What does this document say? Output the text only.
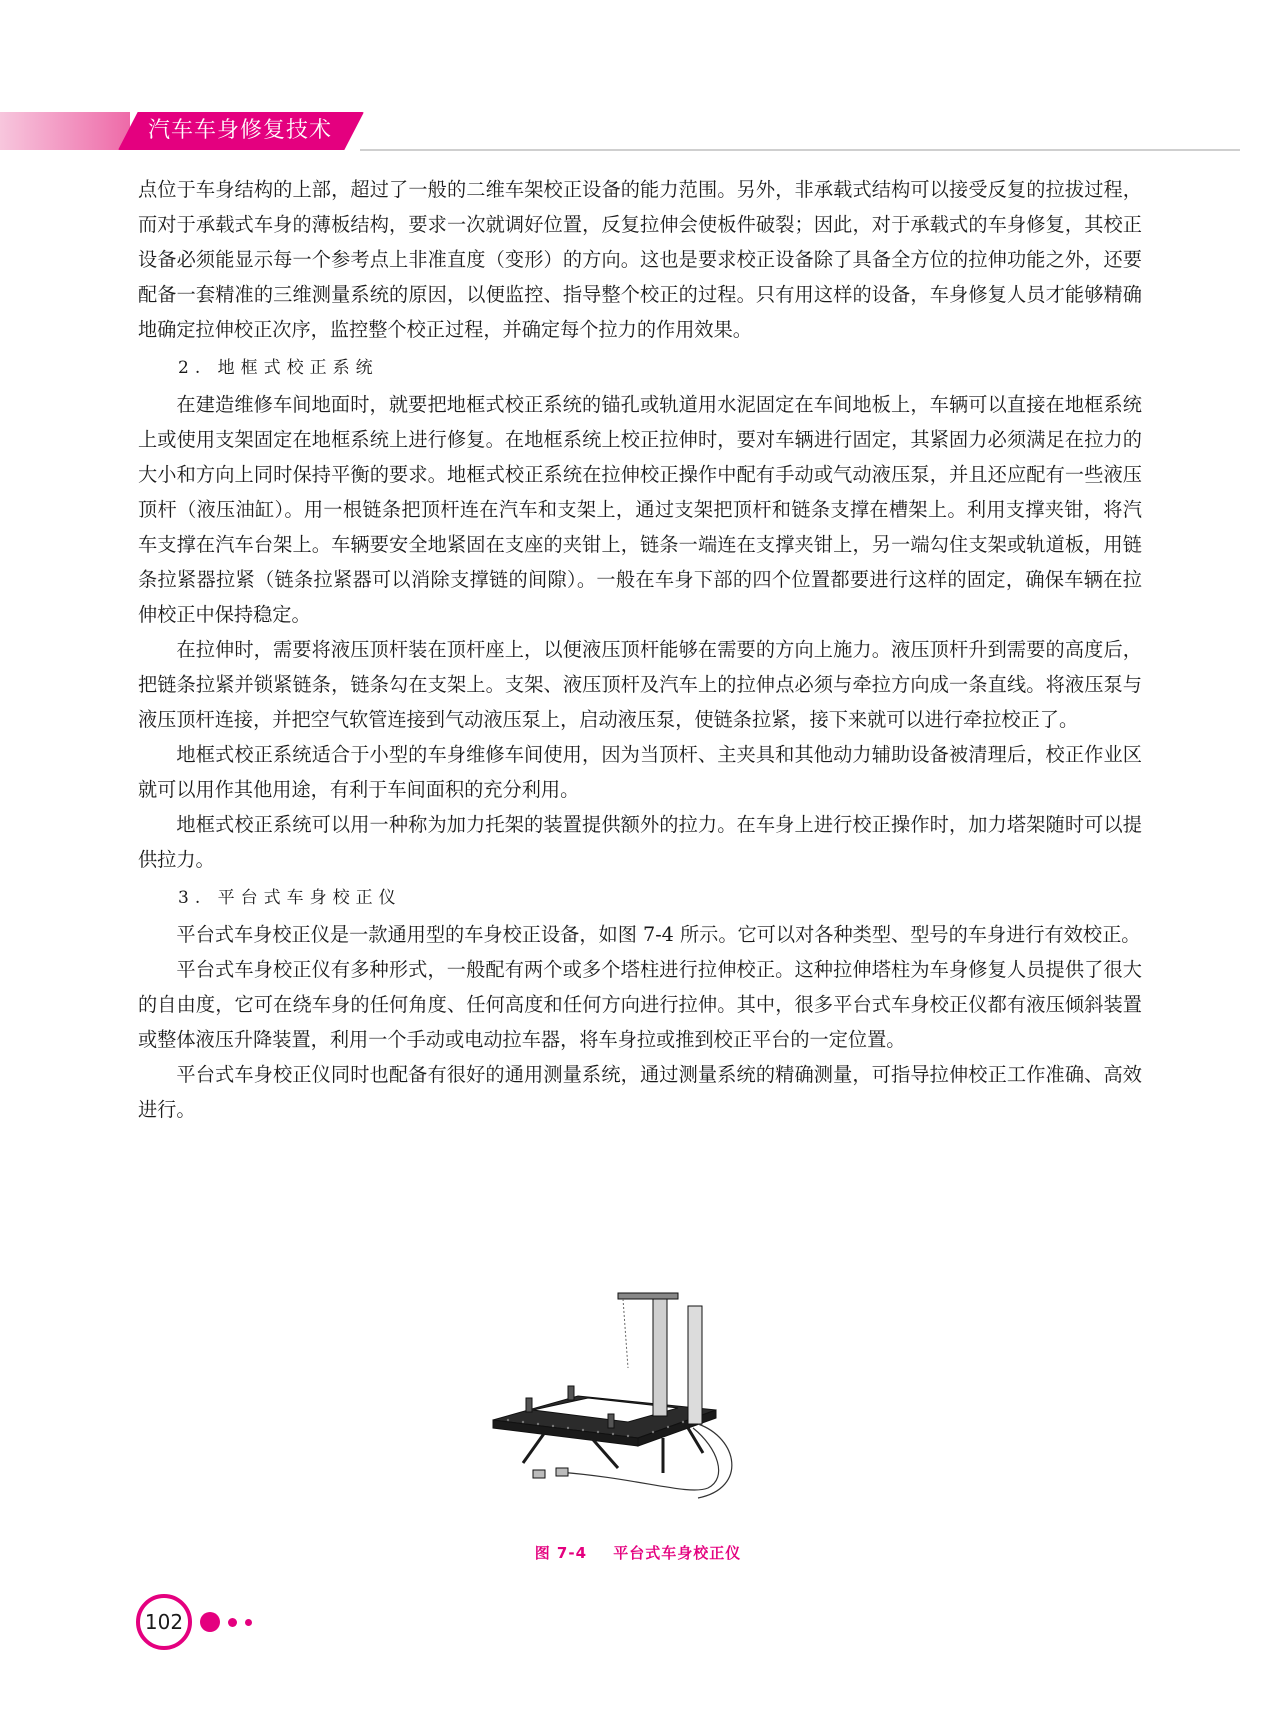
汽车车身修复技术

点位于车身结构的上部，超过了一般的二维车架校正设备的能力范围。另外，非承载式结构可以接受反复的拉拔过程，而对于承载式车身的薄板结构，要求一次就调好位置，反复拉伸会使板件破裂；因此，对于承载式的车身修复，其校正设备必须能显示每一个参考点上非准直度（变形）的方向。这也是要求校正设备除了具备全方位的拉伸功能之外，还要配备一套精准的三维测量系统的原因，以便监控、指导整个校正的过程。只有用这样的设备，车身修复人员才能够精确地确定拉伸校正次序，监控整个校正过程，并确定每个拉力的作用效果。

2. 地框式校正系统

在建造维修车间地面时，就要把地框式校正系统的锚孔或轨道用水泥固定在车间地板上，车辆可以直接在地框系统上或使用支架固定在地框系统上进行修复。在地框系统上校正拉伸时，要对车辆进行固定，其紧固力必须满足在拉力的大小和方向上同时保持平衡的要求。地框式校正系统在拉伸校正操作中配有手动或气动液压泵，并且还应配有一些液压顶杆（液压油缸）。用一根链条把顶杆连在汽车和支架上，通过支架把顶杆和链条支撑在槽架上。利用支撑夹钳，将汽车支撑在汽车台架上。车辆要安全地紧固在支座的夹钳上，链条一端连在支撑夹钳上，另一端勾住支架或轨道板，用链条拉紧器拉紧（链条拉紧器可以消除支撑链的间隙）。一般在车身下部的四个位置都要进行这样的固定，确保车辆在拉伸校正中保持稳定。

在拉伸时，需要将液压顶杆装在顶杆座上，以便液压顶杆能够在需要的方向上施力。液压顶杆升到需要的高度后，把链条拉紧并锁紧链条，链条勾在支架上。支架、液压顶杆及汽车上的拉伸点必须与牵拉方向成一条直线。将液压泵与液压顶杆连接，并把空气软管连接到气动液压泵上，启动液压泵，使链条拉紧，接下来就可以进行牵拉校正了。

地框式校正系统适合于小型的车身维修车间使用，因为当顶杆、主夹具和其他动力辅助设备被清理后，校正作业区就可以用作其他用途，有利于车间面积的充分利用。

地框式校正系统可以用一种称为加力托架的装置提供额外的拉力。在车身上进行校正操作时，加力塔架随时可以提供拉力。

3. 平台式车身校正仪

平台式车身校正仪是一款通用型的车身校正设备，如图 7-4 所示。它可以对各种类型、型号的车身进行有效校正。

平台式车身校正仪有多种形式，一般配有两个或多个塔柱进行拉伸校正。这种拉伸塔柱为车身修复人员提供了很大的自由度，它可在绕车身的任何角度、任何高度和任何方向进行拉伸。其中，很多平台式车身校正仪都有液压倾斜装置或整体液压升降装置，利用一个手动或电动拉车器，将车身拉或推到校正平台的一定位置。

平台式车身校正仪同时也配备有很好的通用测量系统，通过测量系统的精确测量，可指导拉伸校正工作准确、高效进行。

图 7-4 平台式车身校正仪
102
